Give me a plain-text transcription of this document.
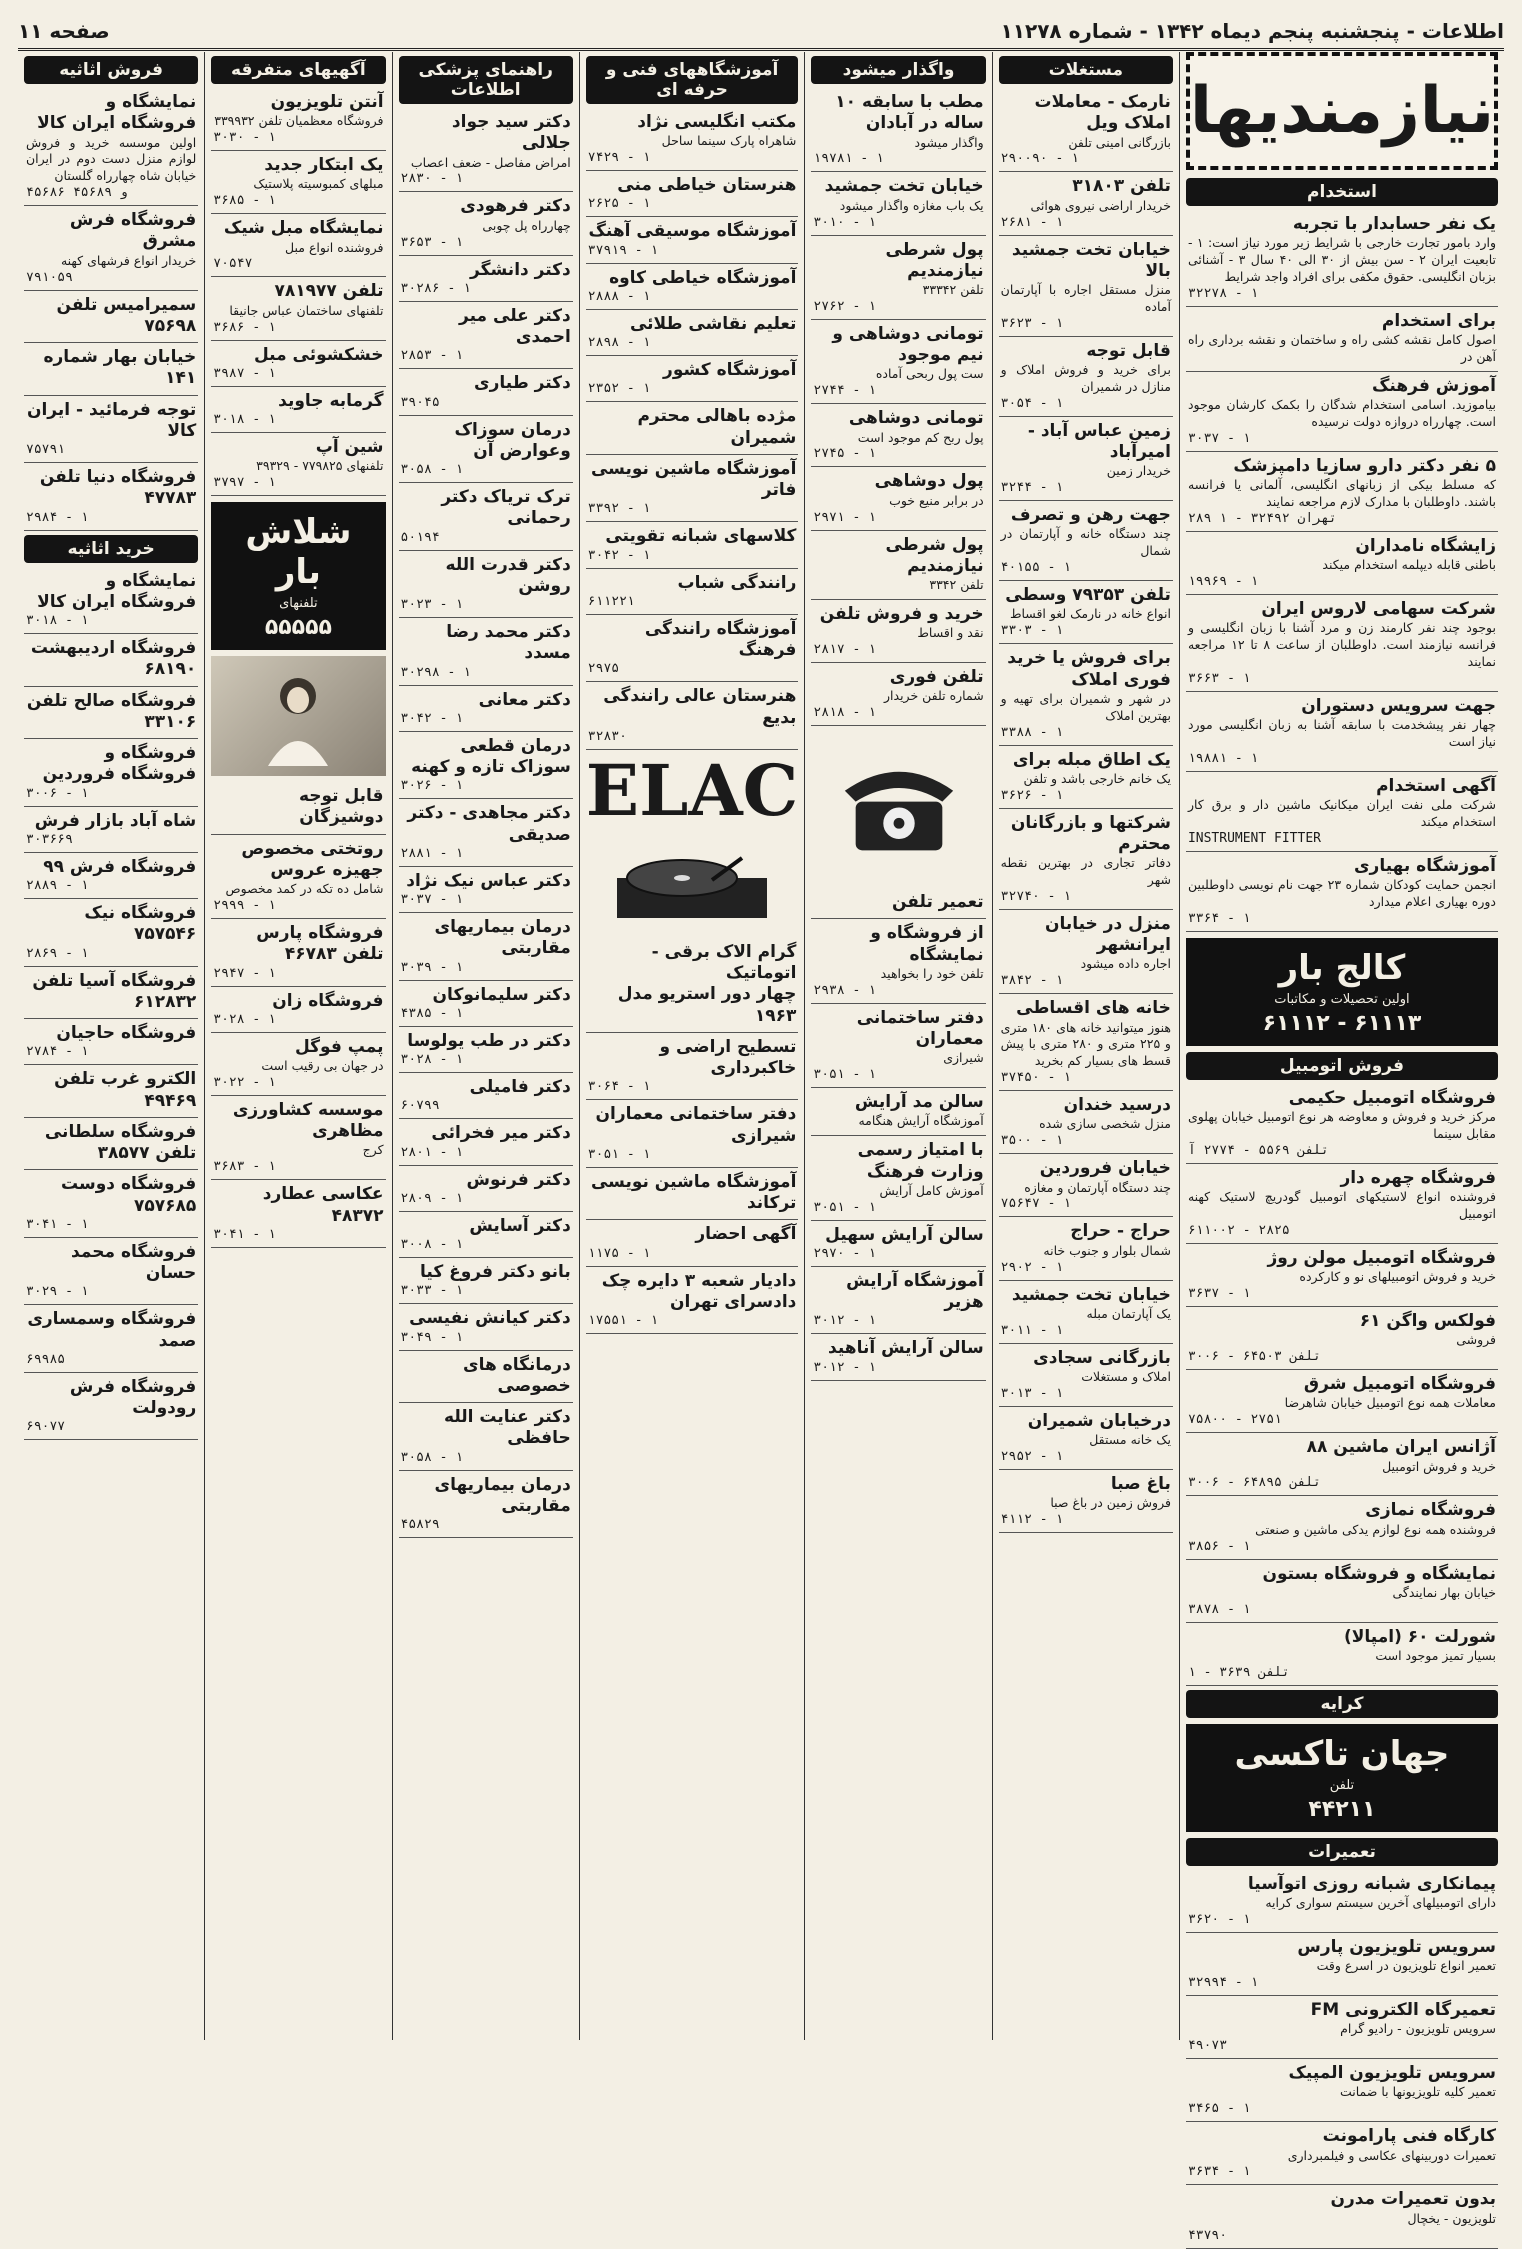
اطلاعات - پنجشنبه پنجم دیماه ۱۳۴۲ - شماره ۱۱۲۷۸
صفحه ۱۱
نیازمندیها
استخدام
یک نفر حسابدار با تجربه
وارد بامور تجارت خارجی با شرایط زیر مورد نیاز است: ۱ - تابعیت ایران ۲ - سن بیش از ۳۰ الی ۴۰ سال ۳ - آشنائی بزبان انگلیسی. حقوق مکفی برای افراد واجد شرایط
۳۲۲۷۸ - ۱
برای استخدام
اصول کامل نقشه کشی راه و ساختمان و نقشه برداری راه آهن در
آموزش فرهنگ
بیاموزید. اسامی استخدام شدگان را بکمک کارشان موجود است. چهارراه دروازه دولت نرسیده
۳۰۳۷ - ۱
۵ نفر دکتر دارو سازیا دامپزشک
که مسلط بیکی از زبانهای انگلیسی، آلمانی یا فرانسه باشند. داوطلبان با مدارک لازم مراجعه نمایند
۲۸۹ تهران ۳۲۴۹۲ - ۱
زایشگاه نامداران
باطنی قابله دیپلمه استخدام میکند
۱۹۹۶۹ - ۱
شرکت سهامی لاروس ایران
بوجود چند نفر کارمند زن و مرد آشنا با زبان انگلیسی و فرانسه نیازمند است. داوطلبان از ساعت ۸ تا ۱۲ مراجعه نمایند
۳۶۶۳ - ۱
جهت سرویس دستوران
چهار نفر پیشخدمت با سابقه آشنا به زبان انگلیسی مورد نیاز است
۱۹۸۸۱ - ۱
آگهی استخدام
شرکت ملی نفت ایران میکانیک ماشین دار و برق کار استخدام میکند
INSTRUMENT FITTER
آموزشگاه بهیاری
انجمن حمایت کودکان شماره ۲۳ جهت نام نویسی داوطلبین دوره بهیاری اعلام میدارد
۳۳۶۴ - ۱
کالج بار
اولین تحصیلات و مکاتبات
۶۱۱۱۳ - ۶۱۱۱۲
فروش اتومبیل
فروشگاه اتومبیل حکیمی
مرکز خرید و فروش و معاوضه هر نوع اتومبیل خیابان پهلوی مقابل سینما
تلفن ۵۵۶۹ - ۲۷۷۴ آ
فروشگاه چهره دار
فروشنده انواع لاستیکهای اتومبیل گودریچ لاستیک کهنه اتومبیل
۶۱۱۰۰۲ - ۲۸۲۵
فروشگاه اتومبیل مولن روژ
خرید و فروش اتومبیلهای نو و کارکرده
۳۶۳۷ - ۱
فولکس واگن ۶۱
فروشی
تلفن ۶۴۵۰۳ - ۳۰۰۶
فروشگاه اتومبیل شرق
معاملات همه نوع اتومبیل خیابان شاهرضا
۷۵۸۰۰ - ۲۷۵۱
آژانس ایران ماشین ۸۸
خرید و فروش اتومبیل
تلفن ۶۴۸۹۵ - ۳۰۰۶
فروشگاه نمازی
فروشنده همه نوع لوازم یدکی ماشین و صنعتی
۳۸۵۶ - ۱
نمایشگاه و فروشگاه بستون
خیابان بهار نمایندگی
۳۸۷۸ - ۱
شورلت ۶۰ (امپالا)
بسیار تمیز موجود است
تلفن ۳۶۳۹ - ۱
کرایه
جهان تاکسی
تلفن
۴۴۲۱۱
تعمیرات
پیمانکاری شبانه روزی اتوآسیا
دارای اتومبیلهای آخرین سیستم سواری کرایه
۳۶۲۰ - ۱
سرویس تلویزیون پارس
تعمیر انواع تلویزیون در اسرع وقت
۳۲۹۹۴ - ۱
تعمیرگاه الکترونی FM
سرویس تلویزیون - رادیو گرام
۴۹۰۷۳
سرویس تلویزیون المپیک
تعمیر کلیه تلویزیونها با ضمانت
۳۴۶۵ - ۱
کارگاه فنی پارامونت
تعمیرات دوربینهای عکاسی و فیلمبرداری
۳۶۳۴ - ۱
بدون تعمیرات مدرن
تلویزیون - یخچال
۴۳۷۹۰
مستغلات
نارمک - معاملات املاک ویل
بازرگانی امینی تلفن
۲۹۰۰۹۰ - ۱
تلفن ۳۱۸۰۳
خریدار اراضی نیروی هوائی
۲۶۸۱ - ۱
خیابان تخت جمشید بالا
منزل مستقل اجاره با آپارتمان آماده
۳۶۲۳ - ۱
قابل توجه
برای خرید و فروش املاک و منازل در شمیران
۳۰۵۴ - ۱
زمین عباس آباد - امیرآباد
خریدار زمین
۳۲۴۴ - ۱
جهت رهن و تصرف
چند دستگاه خانه و آپارتمان در شمال
۴۰۱۵۵ - ۱
تلفن ۷۹۳۵۳ وسطی
انواع خانه در نارمک لغو اقساط
۳۳۰۳ - ۱
برای فروش یا خرید فوری املاک
در شهر و شمیران برای تهیه و بهترین املاک
۳۳۸۸ - ۱
یک اطاق مبله برای
یک خانم خارجی باشد و تلفن
۳۶۲۶ - ۱
شرکتها و بازرگانان محترم
دفاتر تجاری در بهترین نقطه شهر
۳۲۷۴۰ - ۱
منزل در خیابان ایرانشهر
اجاره داده میشود
۳۸۴۲ - ۱
خانه های اقساطی
هنوز میتوانید خانه های ۱۸۰ متری و ۲۲۵ متری و ۲۸۰ متری با پیش قسط های بسیار کم بخرید
۳۷۴۵۰ - ۱
درسید خندان
منزل شخصی سازی شده
۳۵۰۰ - ۱
خیابان فروردین
چند دستگاه آپارتمان و مغازه
۷۵۶۴۷ - ۱
حراج - حراج
شمال بلوار و جنوب خانه
۲۹۰۲ - ۱
خیابان تخت جمشید
یک آپارتمان مبله
۳۰۱۱ - ۱
بازرگانی سجادی
املاک و مستغلات
۳۰۱۳ - ۱
درخیابان شمیران
یک خانه مستقل
۲۹۵۲ - ۱
باغ صبا
فروش زمین در باغ صبا
۴۱۱۲ - ۱
واگذار میشود
مطب با سابقه ۱۰ ساله در آبادان
واگذار میشود
۱۹۷۸۱ - ۱
خیابان تخت جمشید
یک باب مغازه واگذار میشود
۳۰۱۰ - ۱
پول شرطی نیازمندیم
تلفن ۳۳۳۴۲
۲۷۶۲ - ۱
تومانی دوشاهی و نیم موجود
ست پول ربحی آماده
۲۷۴۴ - ۱
تومانی دوشاهی
پول ربح کم موجود است
۲۷۴۵ - ۱
پول دوشاهی
در برابر منیع خوب
۲۹۷۱ - ۱
پول شرطی نیازمندیم
تلفن ۳۳۴۲
خرید و فروش تلفن
نقد و اقساط
۲۸۱۷ - ۱
تلفن فوری
شماره تلفن خریدار
۲۸۱۸ - ۱
تعمیر تلفن
از فروشگاه و نمایشگاه
تلفن خود را بخواهید
۲۹۳۸ - ۱
دفتر ساختمانی معماران
شیرازی
۳۰۵۱ - ۱
سالن مد آرایش
آموزشگاه آرایش هنگامه
با امتیاز رسمی وزارت فرهنگ
آموزش کامل آرایش
۳۰۵۱ - ۱
سالن آرایش سهیل
۲۹۷۰ - ۱
آموزشگاه آرایش هزیر
۳۰۱۲ - ۱
سالن آرایش آناهید
۳۰۱۲ - ۱
آموزشگاههای فنی و حرفه ای
مکتب انگلیسی نژاد
شاهراه پارک سینما ساحل
۷۴۲۹ - ۱
هنرستان خیاطی منی
۲۶۲۵ - ۱
آموزشگاه موسیقی آهنگ
۳۷۹۱۹ - ۱
آموزشگاه خیاطی کاوه
۲۸۸۸ - ۱
تعلیم نقاشی طلائی
۲۸۹۸ - ۱
آموزشگاه کشور
۲۳۵۲ - ۱
مژده باهالی محترم شمیران
آموزشگاه ماشین نویسی فاتر
۳۳۹۲ - ۱
کلاسهای شبانه تقویتی
۳۰۴۲ - ۱
رانندگی شباب
۶۱۱۲۲۱
آموزشگاه رانندگی فرهنگ
۲۹۷۵
هنرستان عالی رانندگی بدیع
۳۲۸۳۰
ELAC
گرام الاک برقی - اتوماتیک
چهار دور استریو مدل ۱۹۶۳
تسطیح اراضی و خاکبرداری
۳۰۶۴ - ۱
دفتر ساختمانی معماران شیرازی
۳۰۵۱ - ۱
آموزشگاه ماشین نویسی ترکاند
آگهی احضار
۱۱۷۵ - ۱
دادیار شعبه ۳ دایره چک دادسرای تهران
۱۷۵۵۱ - ۱
راهنمای پزشکی اطلاعات
دکتر سید جواد جلالی
امراض مفاصل - ضعف اعصاب
۲۸۳۰ - ۱
دکتر فرهودی
چهارراه پل چوبی
۳۶۵۳ - ۱
دکتر دانشگر
۳۰۲۸۶ - ۱
دکتر علی میر احمدی
۲۸۵۳ - ۱
دکتر طیاری
۳۹۰۴۵
درمان سوزاک وعوارض آن
۳۰۵۸ - ۱
ترک تریاک دکتر رحمانی
۵۰۱۹۴
دکتر قدرت الله روشن
۳۰۲۳ - ۱
دکتر محمد رضا مسدد
۳۰۲۹۸ - ۱
دکتر معانی
۳۰۴۲ - ۱
درمان قطعی سوزاک تازه و کهنه
۳۰۲۶ - ۱
دکتر مجاهدی - دکتر صدیقی
۲۸۸۱ - ۱
دکتر عباس نیک نژاد
۳۰۳۷ - ۱
درمان بیماریهای مقاربتی
۳۰۳۹ - ۱
دکتر سلیمانوکان
۴۳۸۵ - ۱
دکتر در طب یولوسا
۳۰۲۸ - ۱
دکتر فامیلی
۶۰۷۹۹
دکتر میر فخرائی
۲۸۰۱ - ۱
دکتر فرنوش
۲۸۰۹ - ۱
دکتر آسایش
۳۰۰۸ - ۱
بانو دکتر فروغ کیا
۳۰۳۳ - ۱
دکتر کیانش نفیسی
۳۰۴۹ - ۱
درمانگاه های خصوصی
دکتر عنایت الله حافظی
۳۰۵۸ - ۱
درمان بیماریهای مقاربتی
۴۵۸۲۹
آگهیهای متفرقه
آنتن تلویزیون
فروشگاه معظمیان تلفن ۳۳۹۹۳۲
۳۰۳۰ - ۱
یک ابتکار جدید
مبلهای کمبوسیته پلاستیک
۳۶۸۵ - ۱
نمایشگاه مبل شیک
فروشنده انواع مبل
۷۰۵۴۷
تلفن ۷۸۱۹۷۷
تلفنهای ساختمان عباس جانیقا
۳۶۸۶ - ۱
خشکشوئی مبل
۳۹۸۷ - ۱
گرمابه جاوید
۳۰۱۸ - ۱
شین آپ
تلفنهای ۷۷۹۸۲۵ - ۳۹۳۲۹
۳۷۹۷ - ۱
شلاش بار
تلفنهای
۵۵۵۵۵
قابل توجه دوشیزگان
روتختی مخصوص جهیزه عروس
شامل ده تکه در کمد مخصوص
۲۹۹۹ - ۱
فروشگاه پارس تلفن ۴۶۷۸۳
۲۹۴۷ - ۱
فروشگاه زان
۳۰۲۸ - ۱
پمپ فوگل
در جهان بی رقیب است
۳۰۲۲ - ۱
موسسه کشاورزی مظاهری
کرج
۳۶۸۳ - ۱
عکاسی عطارد ۴۸۳۷۲
۳۰۴۱ - ۱
فروش اثاثیه
نمایشگاه و فروشگاه ایران کالا
اولین موسسه خرید و فروش لوازم منزل دست دوم در ایران خیابان شاه چهارراه گلستان
۴۵۶۸۶ و ۴۵۶۸۹
فروشگاه فرش مشرق
خریدار انواع فرشهای کهنه
۷۹۱۰۵۹
سمیرامیس تلفن ۷۵۶۹۸
خیابان بهار شماره ۱۴۱
توجه فرمائید - ایران کالا
۷۵۷۹۱
فروشگاه دنیا تلفن ۴۷۷۸۳
۲۹۸۴ - ۱
خرید اثاثیه
نمایشگاه و فروشگاه ایران کالا
۳۰۱۸ - ۱
فروشگاه اردیبهشت ۶۸۱۹۰
فروشگاه صالح تلفن ۳۳۱۰۶
فروشگاه و فروشگاه فروردین
۳۰۰۶ - ۱
شاه آباد بازار فرش
۳۰۳۶۶۹
فروشگاه فرش ۹۹
۲۸۸۹ - ۱
فروشگاه نیک ۷۵۷۵۴۶
۲۸۶۹ - ۱
فروشگاه آسیا تلفن ۶۱۲۸۳۲
فروشگاه حاجیان
۲۷۸۴ - ۱
الکترو غرب تلفن ۴۹۴۶۹
فروشگاه سلطانی تلفن ۳۸۵۷۷
فروشگاه دوست ۷۵۷۶۸۵
۳۰۴۱ - ۱
فروشگاه محمد حسان
۳۰۲۹ - ۱
فروشگاه وسمساری صمد
۶۹۹۸۵
فروشگاه فرش رودولت
۶۹۰۷۷
